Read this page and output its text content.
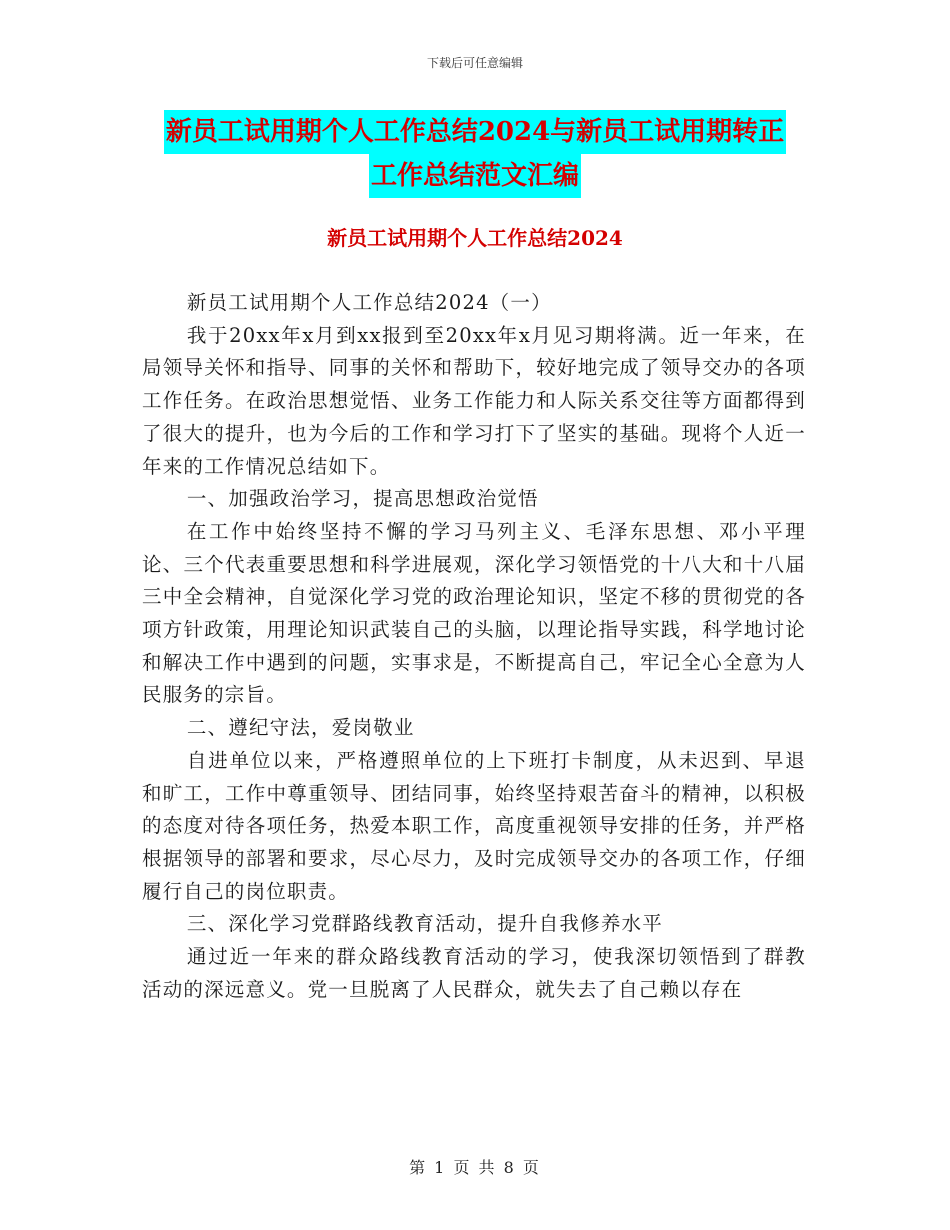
下载后可任意编辑
新员工试用期个人工作总结2024与新员工试用期转正
工作总结范文汇编
新员工试用期个人工作总结2024

新员工试用期个人工作总结2024（一）

我于20xx年x月到xx报到至20xx年x月见习期将满。近一年来，在局领导关怀和指导、同事的关怀和帮助下，较好地完成了领导交办的各项工作任务。在政治思想觉悟、业务工作能力和人际关系交往等方面都得到了很大的提升，也为今后的工作和学习打下了坚实的基础。现将个人近一年来的工作情况总结如下。

一、加强政治学习，提高思想政治觉悟

在工作中始终坚持不懈的学习马列主义、毛泽东思想、邓小平理论、三个代表重要思想和科学进展观，深化学习领悟党的十八大和十八届三中全会精神，自觉深化学习党的政治理论知识，坚定不移的贯彻党的各项方针政策，用理论知识武装自己的头脑，以理论指导实践，科学地讨论和解决工作中遇到的问题，实事求是，不断提高自己，牢记全心全意为人民服务的宗旨。

二、遵纪守法，爱岗敬业

自进单位以来，严格遵照单位的上下班打卡制度，从未迟到、早退和旷工，工作中尊重领导、团结同事，始终坚持艰苦奋斗的精神，以积极的态度对待各项任务，热爱本职工作，高度重视领导安排的任务，并严格根据领导的部署和要求，尽心尽力，及时完成领导交办的各项工作，仔细履行自己的岗位职责。

三、深化学习党群路线教育活动，提升自我修养水平

通过近一年来的群众路线教育活动的学习，使我深切领悟到了群教活动的深远意义。党一旦脱离了人民群众，就失去了自己赖以存在

第 1 页 共 8 页
